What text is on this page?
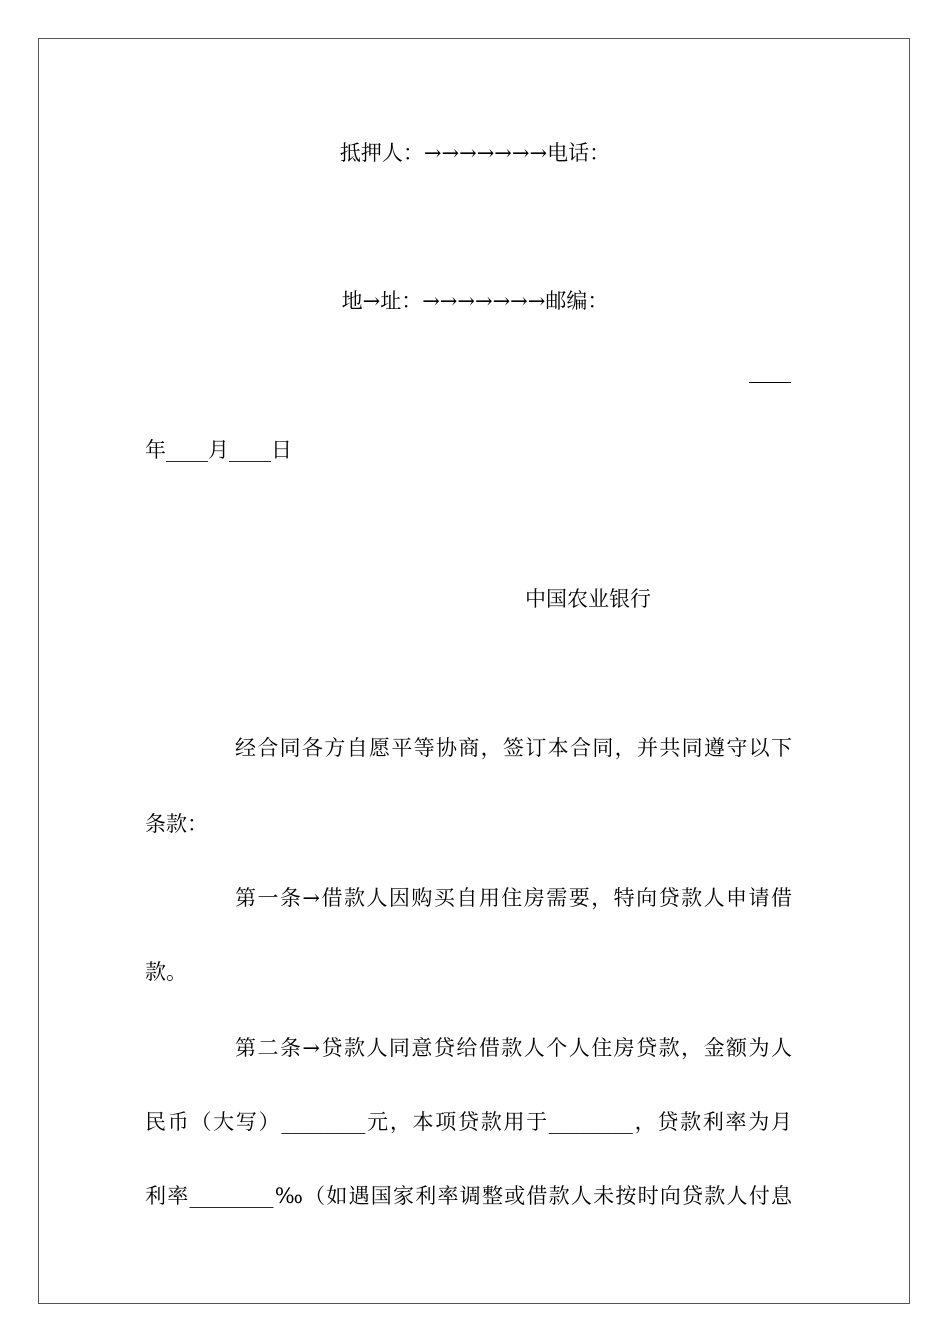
抵押人：→→→→→→→电话：
地→址：→→→→→→→邮编：
年____月____日
中国农业银行
经合同各方自愿平等协商，签订本合同，并共同遵守以下
条款：
第一条→借款人因购买自用住房需要，特向贷款人申请借
款。
第二条→贷款人同意贷给借款人个人住房贷款，金额为人
民币（大写）________元，本项贷款用于________，贷款利率为月
利率________‰（如遇国家利率调整或借款人未按时向贷款人付息
